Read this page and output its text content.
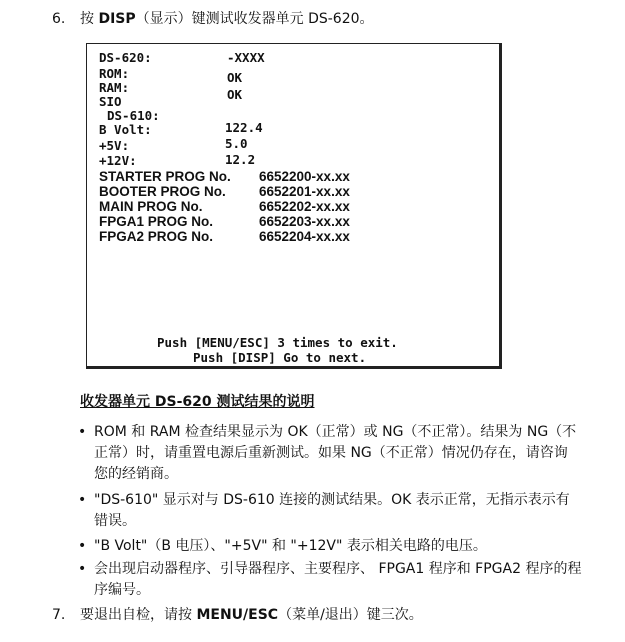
6. 按 DISP（显示）键测试收发器单元 DS-620。
DS-620:	-XXXX
ROM:	OK
RAM:	OK
SIO
DS-610:
B Volt:	122.4
+5V:	5.0
+12V:	12.2
STARTER PROG No. 6652200-xx.xx
BOOTER PROG No. 6652201-xx.xx
MAIN PROG No.	6652202-xx.xx
FPGA1 PROG No.	6652203-xx.xx
FPGA2 PROG No.	6652204-xx.xx
Push [MENU/ESC] 3 times to exit.
Push [DISP] Go to next.
收发器单元 DS-620 测试结果的说明
• ROM 和 RAM 检查结果显示为 OK（正常）或 NG（不正常）。结果为 NG（不
正常）时，请重置电源后重新测试。如果 NG（不正常）情况仍存在，请咨询
您的经销商。
• "DS-610" 显示对与 DS-610 连接的测试结果。OK 表示正常，无指示表示有
错误。
• "B Volt"（B 电压）、"+5V" 和 "+12V" 表示相关电路的电压。
• 会出现启动器程序、引导器程序、主要程序、 FPGA1 程序和 FPGA2 程序的程
序编号。
7. 要退出自检，请按 MENU/ESC（菜单/退出）键三次。
